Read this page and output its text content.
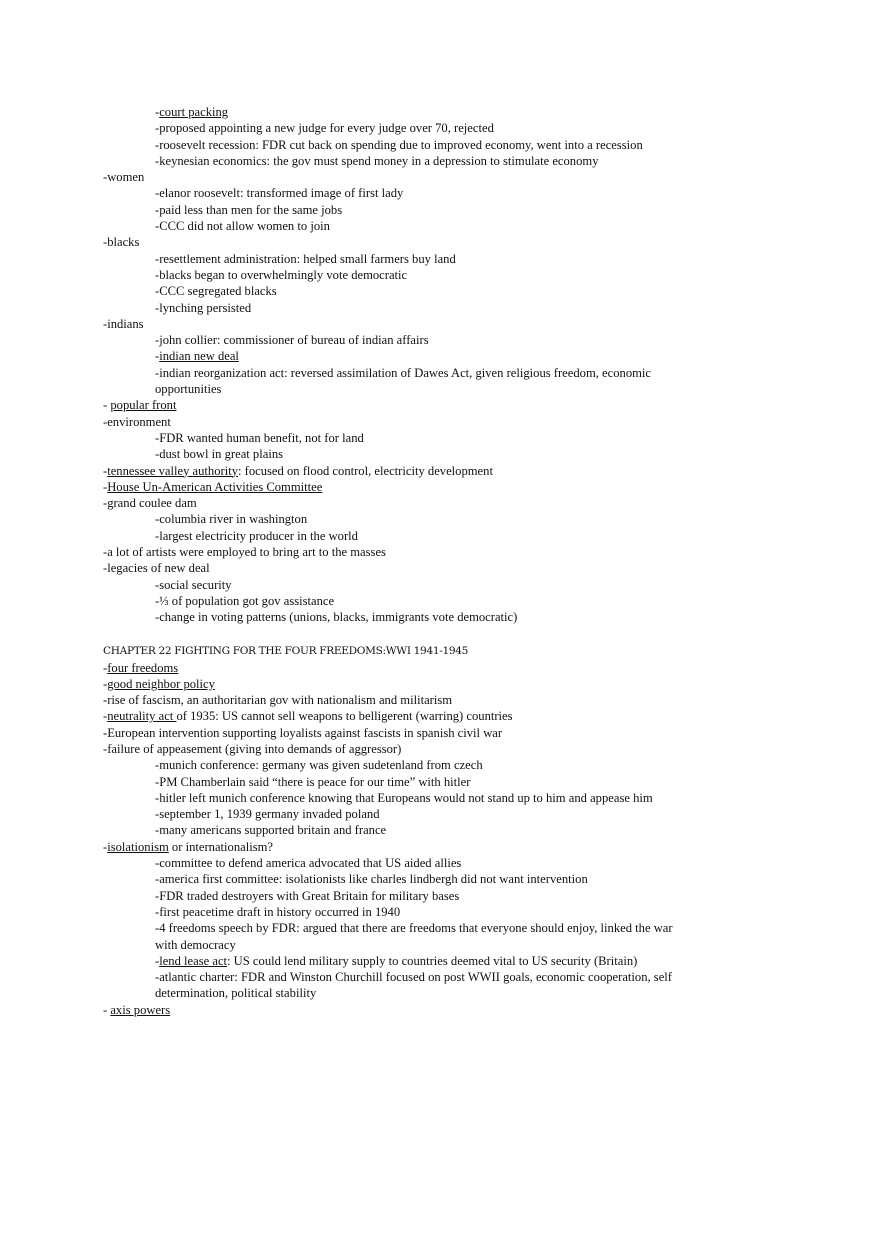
-court packing
-proposed appointing a new judge for every judge over 70, rejected
-roosevelt recession: FDR cut back on spending due to improved economy, went into a recession
-keynesian economics: the gov must spend money in a depression to stimulate economy
-women
-elanor roosevelt: transformed image of first lady
-paid less than men for the same jobs
-CCC did not allow women to join
-blacks
-resettlement administration: helped small farmers buy land
-blacks began to overwhelmingly vote democratic
-CCC segregated blacks
-lynching persisted
-indians
-john collier: commissioner of bureau of indian affairs
-indian new deal
-indian reorganization act: reversed assimilation of Dawes Act, given religious freedom, economic opportunities
- popular front
-environment
-FDR wanted human benefit, not for land
-dust bowl in great plains
-tennessee valley authority: focused on flood control, electricity development
-House Un-American Activities Committee
-grand coulee dam
-columbia river in washington
-largest electricity producer in the world
-a lot of artists were employed to bring art to the masses
-legacies of new deal
-social security
-⅓ of population got gov assistance
-change in voting patterns (unions, blacks, immigrants vote democratic)
CHAPTER 22 FIGHTING FOR THE FOUR FREEDOMS:WWI 1941-1945
-four freedoms
-good neighbor policy
-rise of fascism, an authoritarian gov with nationalism and militarism
-neutrality act of 1935: US cannot sell weapons to belligerent (warring) countries
-European intervention supporting loyalists against fascists in spanish civil war
-failure of appeasement (giving into demands of aggressor)
-munich conference: germany was given sudetenland from czech
-PM Chamberlain said “there is peace for our time” with hitler
-hitler left munich conference knowing that Europeans would not stand up to him and appease him
-september 1, 1939 germany invaded poland
-many americans supported britain and france
-isolationism or internationalism?
-committee to defend america advocated that US aided allies
-america first committee: isolationists like charles lindbergh did not want intervention
-FDR traded destroyers with Great Britain for military bases
-first peacetime draft in history occurred in 1940
-4 freedoms speech by FDR: argued that there are freedoms that everyone should enjoy, linked the war with democracy
-lend lease act: US could lend military supply to countries deemed vital to US security (Britain)
-atlantic charter: FDR and Winston Churchill focused on post WWII goals, economic cooperation, self determination, political stability
- axis powers
